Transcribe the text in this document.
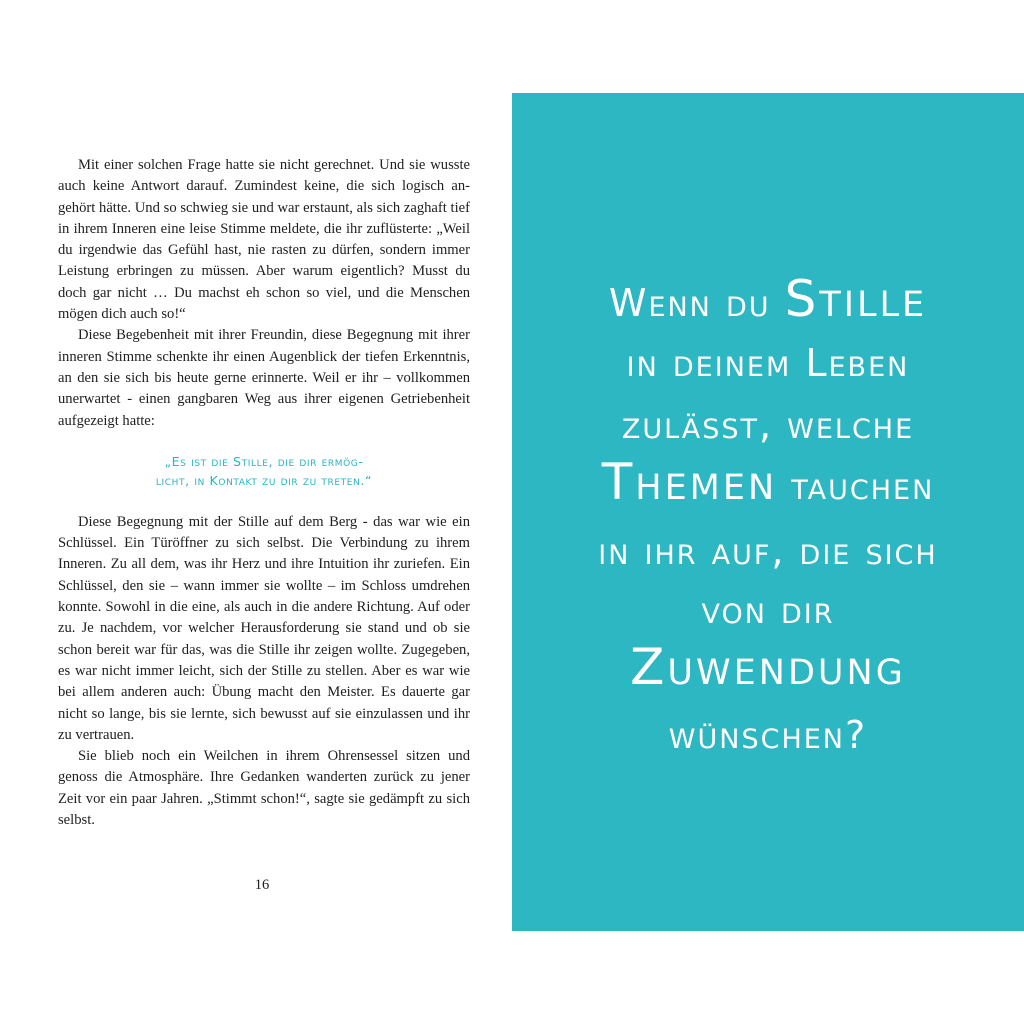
Mit einer solchen Frage hatte sie nicht gerechnet. Und sie wusste auch keine Antwort darauf. Zumindest keine, die sich logisch angehört hätte. Und so schwieg sie und war erstaunt, als sich zaghaft tief in ihrem Inneren eine leise Stimme meldete, die ihr zuflüsterte: „Weil du irgendwie das Gefühl hast, nie rasten zu dürfen, sondern immer Leistung erbringen zu müssen. Aber warum eigentlich? Musst du doch gar nicht … Du machst eh schon so viel, und die Menschen mögen dich auch so!“

Diese Begebenheit mit ihrer Freundin, diese Begegnung mit ihrer inneren Stimme schenkte ihr einen Augenblick der tiefen Erkenntnis, an den sie sich bis heute gerne erinnerte. Weil er ihr – vollkommen unerwartet - einen gangbaren Weg aus ihrer eigenen Getriebenheit aufgezeigt hatte:

„Es ist die Stille, die dir ermög-
licht, in Kontakt zu dir zu treten.“

Diese Begegnung mit der Stille auf dem Berg - das war wie ein Schlüssel. Ein Türöffner zu sich selbst. Die Verbindung zu ihrem Inneren. Zu all dem, was ihr Herz und ihre Intuition ihr zuriefen. Ein Schlüssel, den sie – wann immer sie wollte – im Schloss umdrehen konnte. Sowohl in die eine, als auch in die andere Richtung. Auf oder zu. Je nachdem, vor welcher Herausforderung sie stand und ob sie schon bereit war für das, was die Stille ihr zeigen wollte. Zugegeben, es war nicht immer leicht, sich der Stille zu stellen. Aber es war wie bei allem anderen auch: Übung macht den Meister. Es dauerte gar nicht so lange, bis sie lernte, sich bewusst auf sie einzulassen und ihr zu vertrauen.

Sie blieb noch ein Weilchen in ihrem Ohrensessel sitzen und genoss die Atmosphäre. Ihre Gedanken wanderten zurück zu jener Zeit vor ein paar Jahren. „Stimmt schon!“, sagte sie gedämpft zu sich selbst.

16
Wenn du Stille
in deinem Leben
zulässt, welche
Themen tauchen
in ihr auf, die sich
von dir
Zuwendung
wünschen?
